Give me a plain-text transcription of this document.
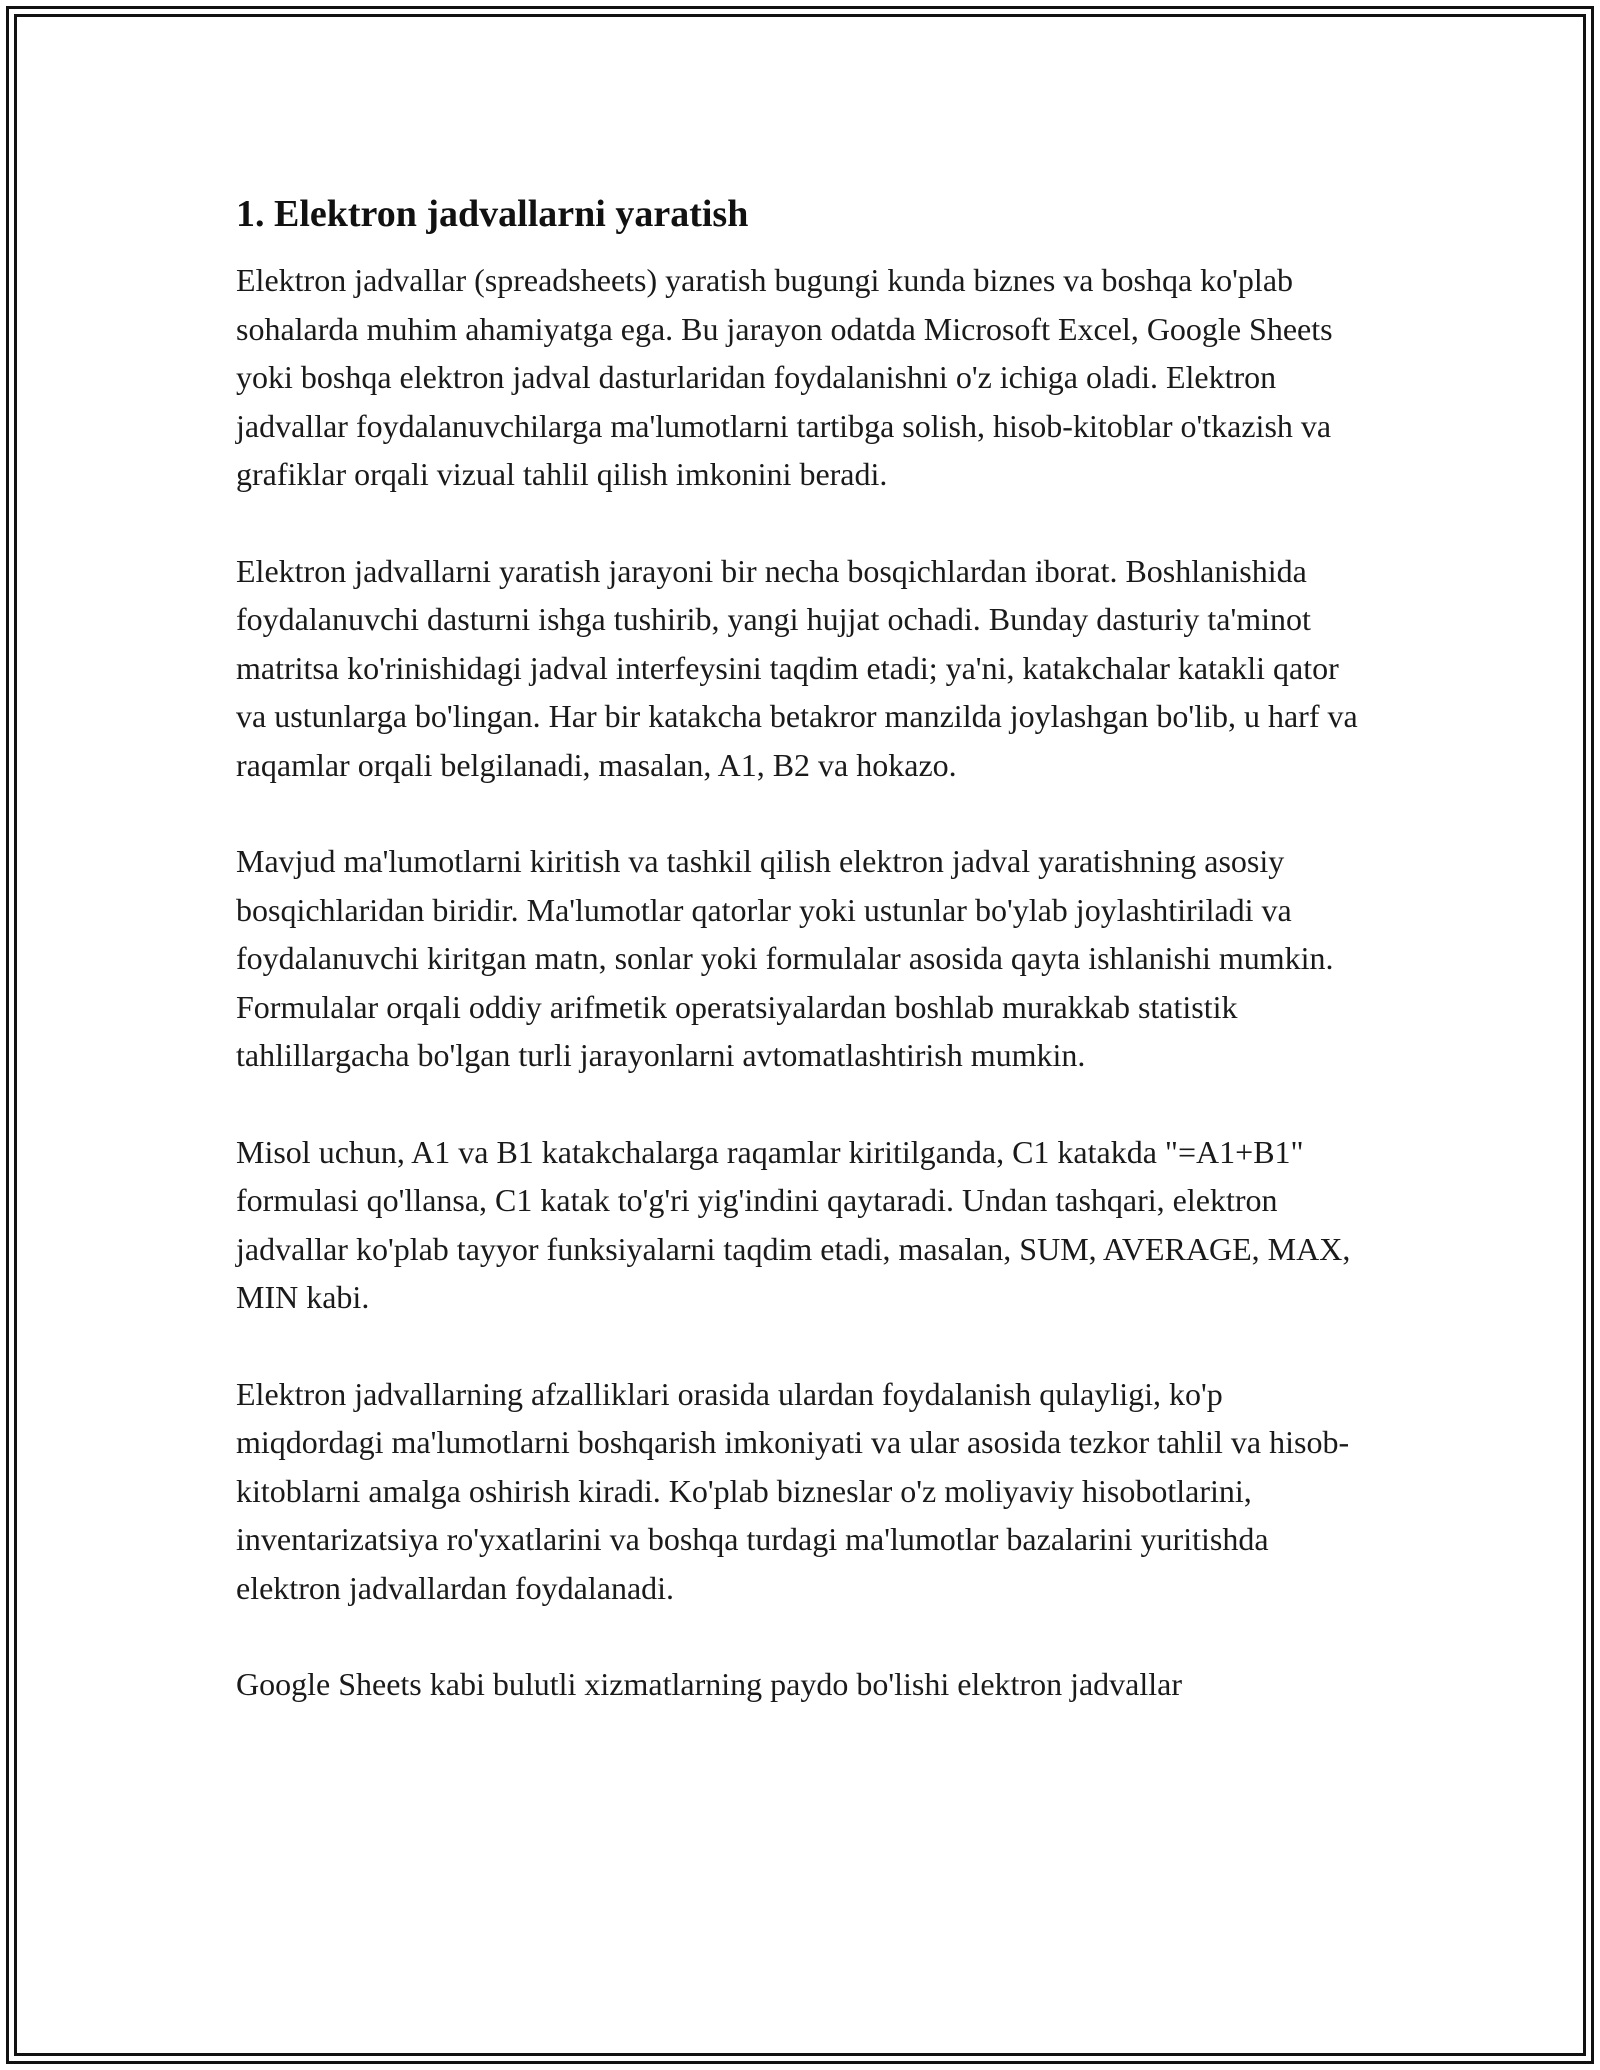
1. Elektron jadvallarni yaratish

Elektron jadvallar (spreadsheets) yaratish bugungi kunda biznes va boshqa ko'plab sohalarda muhim ahamiyatga ega. Bu jarayon odatda Microsoft Excel, Google Sheets yoki boshqa elektron jadval dasturlaridan foydalanishni o'z ichiga oladi. Elektron jadvallar foydalanuvchilarga ma'lumotlarni tartibga solish, hisob-kitoblar o'tkazish va grafiklar orqali vizual tahlil qilish imkonini beradi.

Elektron jadvallarni yaratish jarayoni bir necha bosqichlardan iborat. Boshlanishida foydalanuvchi dasturni ishga tushirib, yangi hujjat ochadi. Bunday dasturiy ta'minot matritsa ko'rinishidagi jadval interfeysini taqdim etadi; ya'ni, katakchalar katakli qator va ustunlarga bo'lingan. Har bir katakcha betakror manzilda joylashgan bo'lib, u harf va raqamlar orqali belgilanadi, masalan, A1, B2 va hokazo.

Mavjud ma'lumotlarni kiritish va tashkil qilish elektron jadval yaratishning asosiy bosqichlaridan biridir. Ma'lumotlar qatorlar yoki ustunlar bo'ylab joylashtiriladi va foydalanuvchi kiritgan matn, sonlar yoki formulalar asosida qayta ishlanishi mumkin. Formulalar orqali oddiy arifmetik operatsiyalardan boshlab murakkab statistik tahlillargacha bo'lgan turli jarayonlarni avtomatlashtirish mumkin.

Misol uchun, A1 va B1 katakchalarga raqamlar kiritilganda, C1 katakda "=A1+B1" formulasi qo'llansa, C1 katak to'g'ri yig'indini qaytaradi. Undan tashqari, elektron jadvallar ko'plab tayyor funksiyalarni taqdim etadi, masalan, SUM, AVERAGE, MAX, MIN kabi.

Elektron jadvallarning afzalliklari orasida ulardan foydalanish qulayligi, ko'p miqdordagi ma'lumotlarni boshqarish imkoniyati va ular asosida tezkor tahlil va hisob-kitoblarni amalga oshirish kiradi. Ko'plab bizneslar o'z moliyaviy hisobotlarini, inventarizatsiya ro'yxatlarini va boshqa turdagi ma'lumotlar bazalarini yuritishda elektron jadvallardan foydalanadi.

Google Sheets kabi bulutli xizmatlarning paydo bo'lishi elektron jadvallar
